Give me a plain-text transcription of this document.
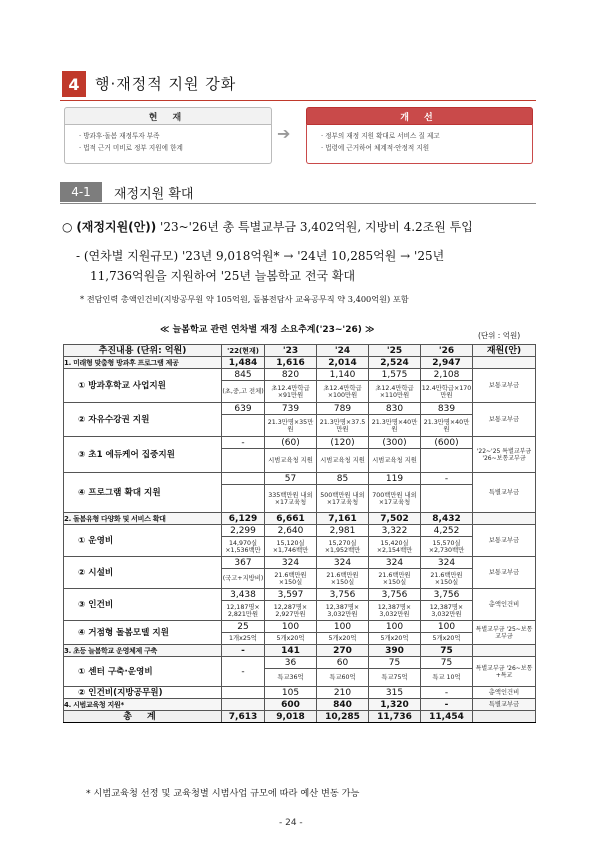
4	행·재정적 지원 강화
현 재
· 방과후·돌봄 재정투자 부족
· 법적 근거 미비로 정부 지원에 한계
➔
개 선
· 정부의 재정 지원 확대로 서비스 질 제고
· 법령에 근거하여 체계적·안정적 지원
4-1	재정지원 확대
○ (재정지원(안)) '23~'26년 총 특별교부금 3,402억원, 지방비 4.2조원 투입
- (연차별 지원규모) '23년 9,018억원* → '24년 10,285억원 → '25년
11,736억원을 지원하여 '25년 늘봄학교 전국 확대
* 전담인력 총액인건비(지방공무원 약 105억원, 돌봄전담사 교육공무직 약 3,400억원) 포함
≪ 늘봄학교 관련 연차별 재정 소요추계('23~'26) ≫
(단위 : 억원)
추진내용 (단위: 억원)	'22(현재)	'23	'24	'25	'26	재원(안)
1. 미래형 맞춤형 방과후 프로그램 제공	1,484	1,616	2,014	2,524	2,947	
① 방과후학교 사업지원	845	820	1,140	1,575	2,108	보통교부금
	(초,중,고 전체)	초12.4만학급×91만원	초12.4만학급×100만원	초12.4만학급×110만원	12.4만학급×170만원	
② 자유수강권 지원	639	739	789	830	839	보통교부금
		21.3만명×35만원	21.3만명×37.5만원	21.3만명×40만원	21.3만명×40만원	
③ 초1 에듀케어 집중지원	-	(60)	(120)	(300)	(600)	'22~'25 특별교부금 '26~보통교부금
		시범교육청 지원	시범교육청 지원	시범교육청 지원		
④ 프로그램 확대 지원		57	85	119	-	특별교부금
		335백만원 내외 ×17교육청	500백만원 내외 ×17교육청	700백만원 내외 ×17교육청		
2. 돌봄유형 다양화 및 서비스 확대	6,129	6,661	7,161	7,502	8,432	
① 운영비	2,299	2,640	2,981	3,322	4,252	보통교부금
	14,970실 ×1,536백만	15,120실 ×1,746백만	15,270실 ×1,952백만	15,420실 ×2,154백만	15,570실 ×2,730백만	
② 시설비	367	324	324	324	324	보통교부금
	(국고+지방비)	21.6백만원 ×150실	21.6백만원 ×150실	21.6백만원 ×150실	21.6백만원 ×150실	
③ 인건비	3,438	3,597	3,756	3,756	3,756	총액인건비
	12,187명× 2,821만원	12,287명× 2,927만원	12,387명× 3,032만원	12,387명× 3,032만원	12,387명× 3,032만원	
④ 거점형 돌봄모델 지원	25	100	100	100	100	특별교부금 '25~보통교부금
	1개x25억	5개x20억	5개x20억	5개x20억	5개x20억	
3. 초등 늘봄학교 운영체제 구축	-	141	270	390	75	
① 센터 구축·운영비	-	36	60	75	75	특별교부금 '26~보통+특교
		특교36억	특교60억	특교75억	특교 10억	
② 인건비(지방공무원)		105	210	315	-	총액인건비
4. 시범교육청 지원*		600	840	1,320	-	특별교부금
총 계	7,613	9,018	10,285	11,736	11,454	
* 시범교육청 선정 및 교육청별 시범사업 규모에 따라 예산 변동 가능
- 24 -
